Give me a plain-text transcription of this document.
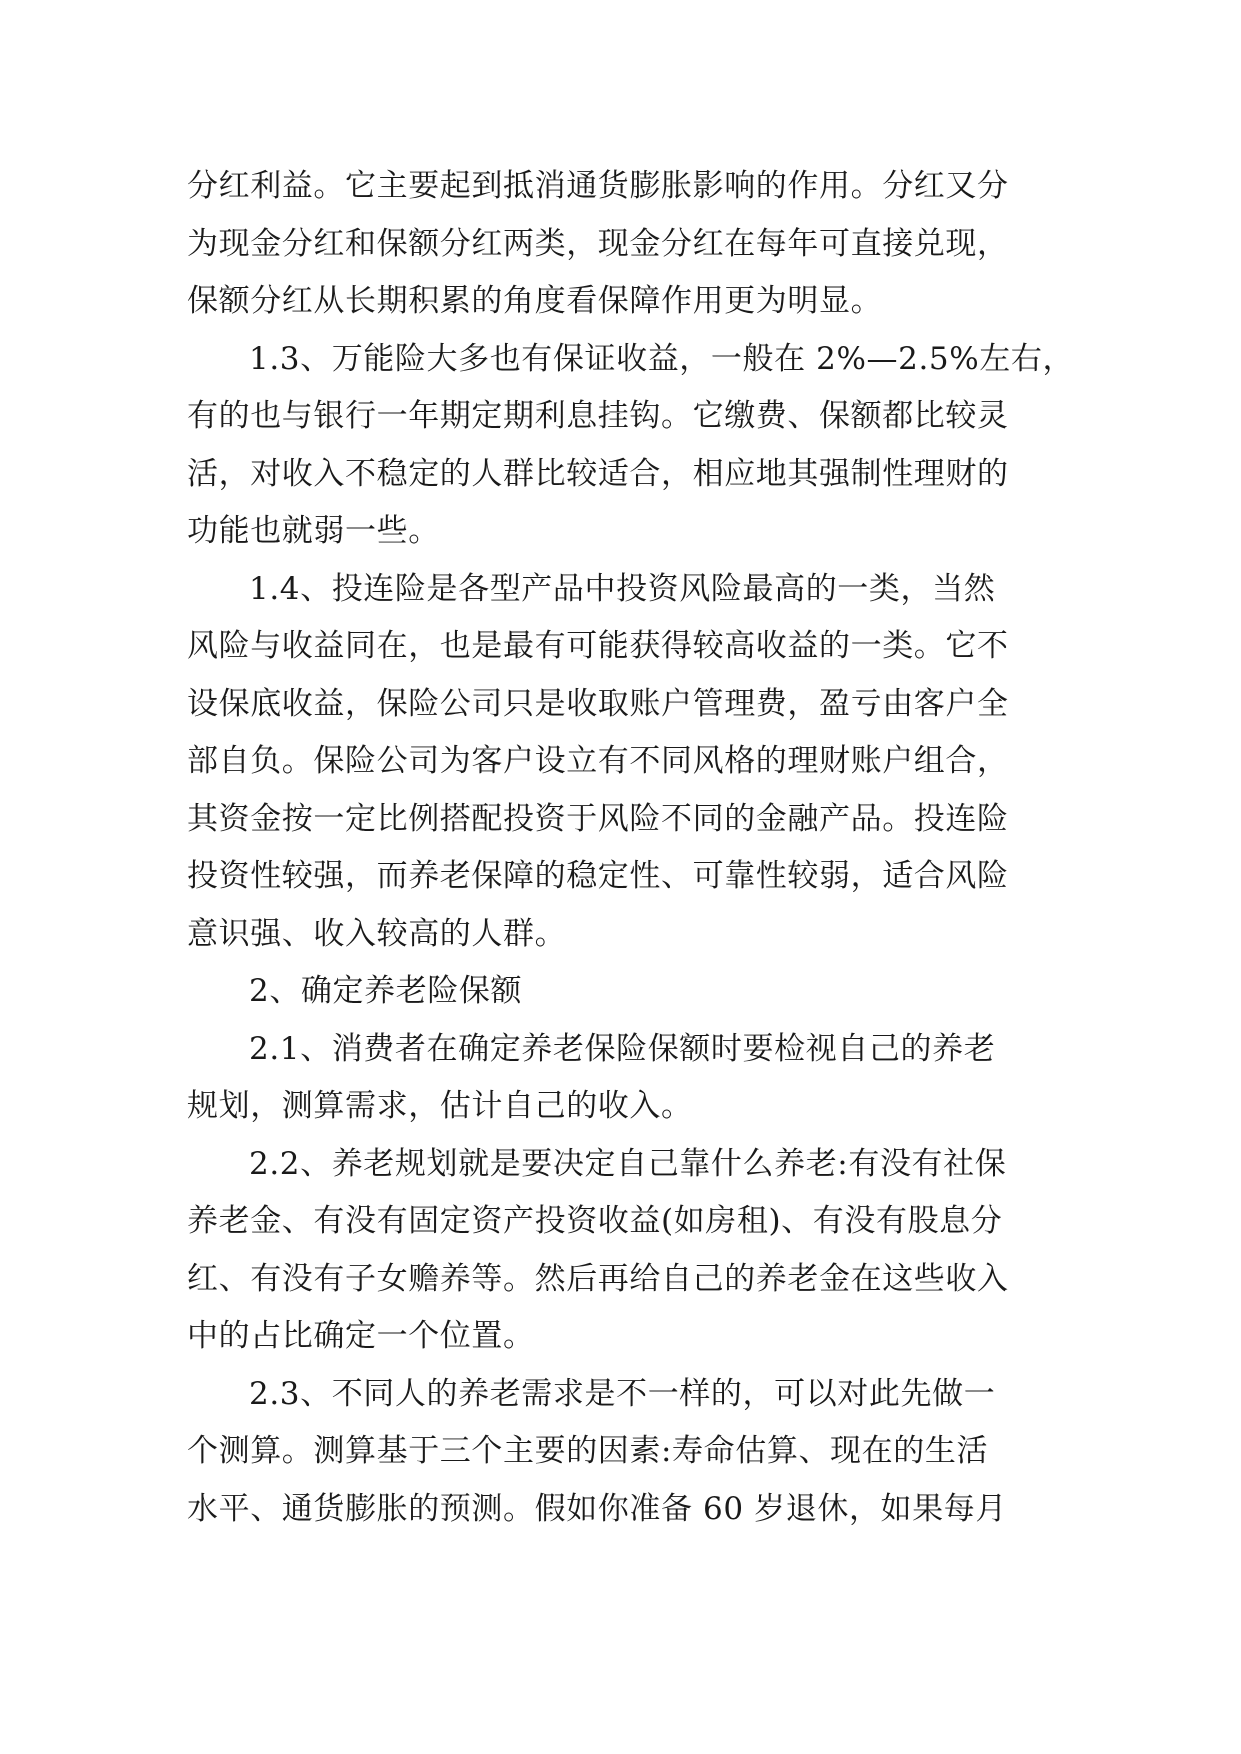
分红利益。它主要起到抵消通货膨胀影响的作用。分红又分
为现金分红和保额分红两类，现金分红在每年可直接兑现，
保额分红从长期积累的角度看保障作用更为明显。
1.3、万能险大多也有保证收益，一般在 2%—2.5%左右，
有的也与银行一年期定期利息挂钩。它缴费、保额都比较灵
活，对收入不稳定的人群比较适合，相应地其强制性理财的
功能也就弱一些。
1.4、投连险是各型产品中投资风险最高的一类，当然
风险与收益同在，也是最有可能获得较高收益的一类。它不
设保底收益，保险公司只是收取账户管理费，盈亏由客户全
部自负。保险公司为客户设立有不同风格的理财账户组合，
其资金按一定比例搭配投资于风险不同的金融产品。投连险
投资性较强，而养老保障的稳定性、可靠性较弱，适合风险
意识强、收入较高的人群。
2、确定养老险保额
2.1、消费者在确定养老保险保额时要检视自己的养老
规划，测算需求，估计自己的收入。
2.2、养老规划就是要决定自己靠什么养老:有没有社保
养老金、有没有固定资产投资收益(如房租)、有没有股息分
红、有没有子女赡养等。然后再给自己的养老金在这些收入
中的占比确定一个位置。
2.3、不同人的养老需求是不一样的，可以对此先做一
个测算。测算基于三个主要的因素:寿命估算、现在的生活
水平、通货膨胀的预测。假如你准备 60 岁退休，如果每月
